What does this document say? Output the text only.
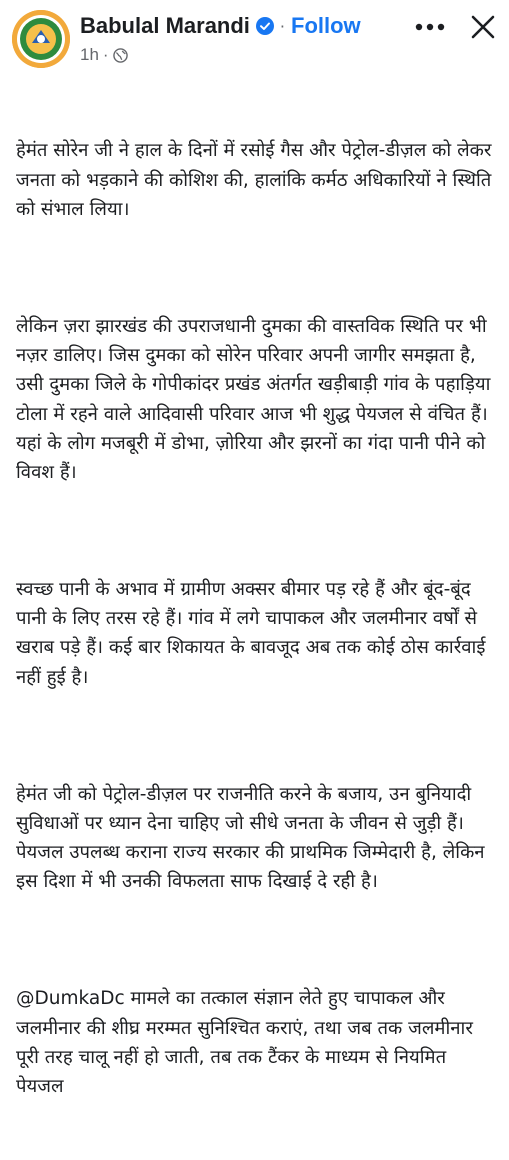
Babulal Marandi · Follow
1h ·

हेमंत सोरेन जी ने हाल के दिनों में रसोई गैस और पेट्रोल-डीज़ल को लेकर जनता को भड़काने की कोशिश की, हालांकि कर्मठ अधिकारियों ने स्थिति को संभाल लिया।

लेकिन ज़रा झारखंड की उपराजधानी दुमका की वास्तविक स्थिति पर भी नज़र डालिए। जिस दुमका को सोरेन परिवार अपनी जागीर समझता है, उसी दुमका जिले के गोपीकांदर प्रखंड अंतर्गत खड़ीबाड़ी गांव के पहाड़िया टोला में रहने वाले आदिवासी परिवार आज भी शुद्ध पेयजल से वंचित हैं। यहां के लोग मजबूरी में डोभा, ज़ोरिया और झरनों का गंदा पानी पीने को विवश हैं।

स्वच्छ पानी के अभाव में ग्रामीण अक्सर बीमार पड़ रहे हैं और बूंद-बूंद पानी के लिए तरस रहे हैं। गांव में लगे चापाकल और जलमीनार वर्षों से खराब पड़े हैं। कई बार शिकायत के बावजूद अब तक कोई ठोस कार्रवाई नहीं हुई है।

हेमंत जी को पेट्रोल-डीज़ल पर राजनीति करने के बजाय, उन बुनियादी सुविधाओं पर ध्यान देना चाहिए जो सीधे जनता के जीवन से जुड़ी हैं। पेयजल उपलब्ध कराना राज्य सरकार की प्राथमिक जिम्मेदारी है, लेकिन इस दिशा में भी उनकी विफलता साफ दिखाई दे रही है।

@DumkaDc मामले का तत्काल संज्ञान लेते हुए चापाकल और जलमीनार की शीघ्र मरम्मत सुनिश्चित कराएं, तथा जब तक जलमीनार पूरी तरह चालू नहीं हो जाती, तब तक टैंकर के माध्यम से नियमित पेयजल
